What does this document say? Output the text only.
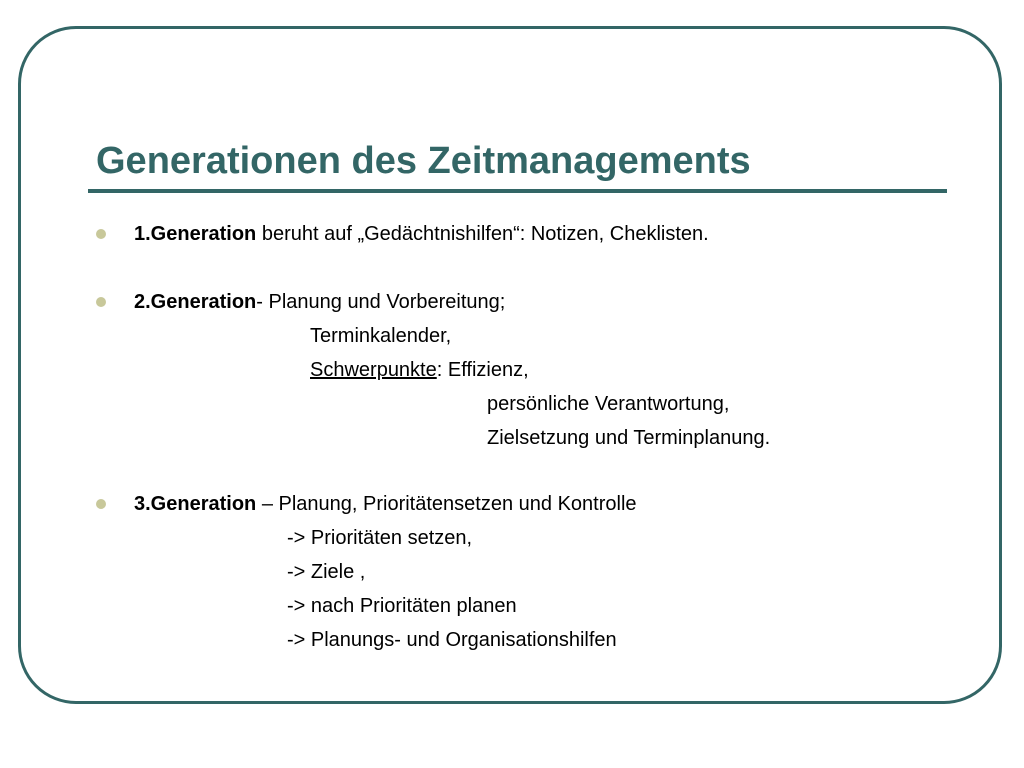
Generationen des Zeitmanagements
1.Generation beruht auf „Gedächtnishilfen“: Notizen, Cheklisten.
2.Generation- Planung und Vorbereitung;
Terminkalender,
Schwerpunkte: Effizienz,
persönliche Verantwortung,
Zielsetzung und Terminplanung.
3.Generation – Planung, Prioritätensetzen und Kontrolle
-> Prioritäten setzen,
-> Ziele ,
-> nach Prioritäten planen
-> Planungs- und Organisationshilfen
